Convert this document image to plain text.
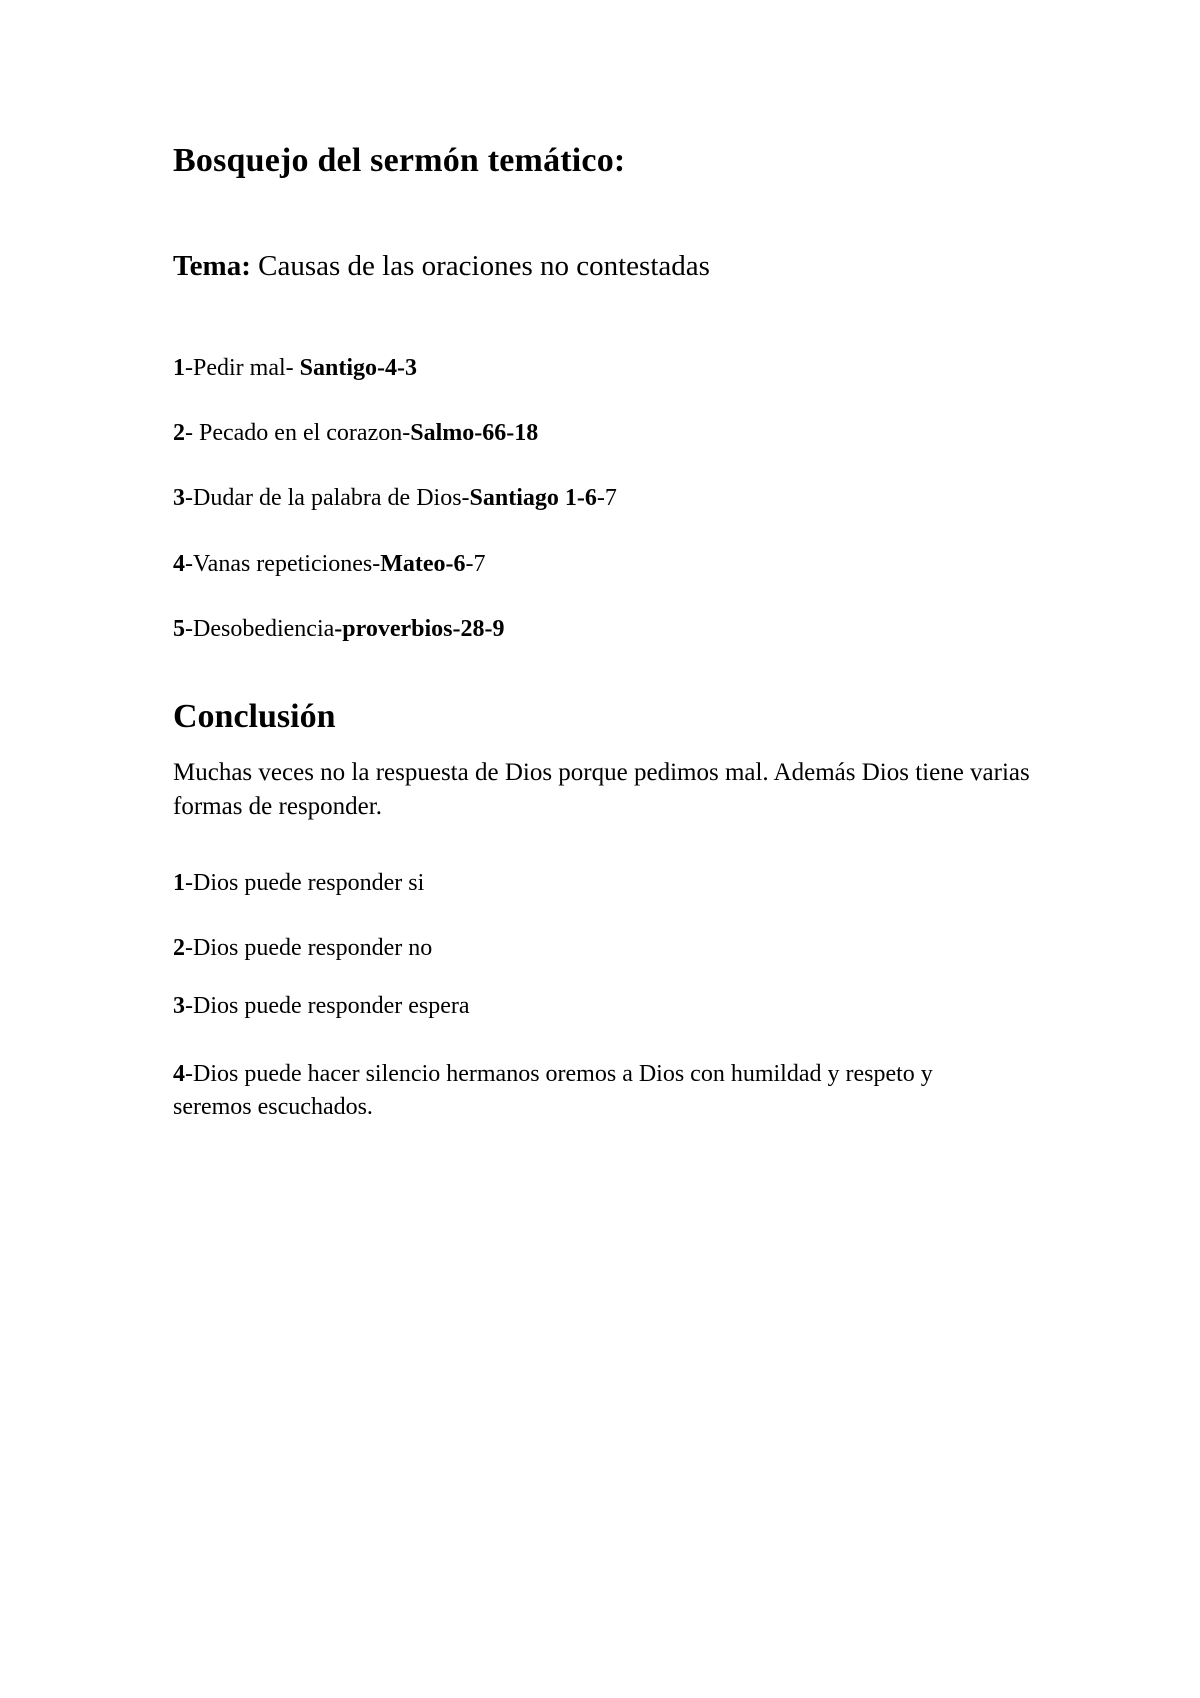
Bosquejo del sermón temático:
Tema: Causas de las oraciones no contestadas
1-Pedir mal- Santigo-4-3
2- Pecado en el corazon-Salmo-66-18
3-Dudar de la palabra de Dios-Santiago 1-6-7
4-Vanas repeticiones-Mateo-6-7
5-Desobediencia-proverbios-28-9
Conclusión
Muchas veces no la respuesta de Dios porque pedimos mal. Además Dios tiene varias formas de responder.
1-Dios puede responder si
2-Dios puede responder no
3-Dios puede responder espera
4-Dios puede hacer silencio hermanos oremos a Dios con humildad y respeto y seremos escuchados.
